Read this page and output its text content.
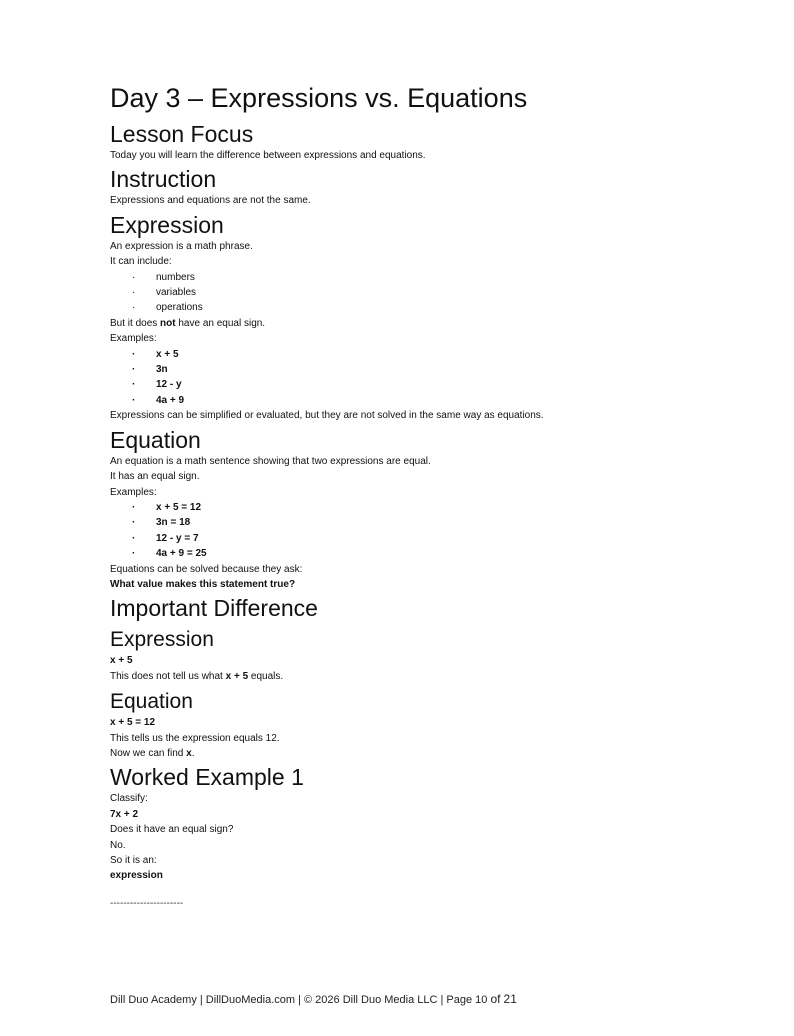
Day 3 – Expressions vs. Equations
Lesson Focus

Today you will learn the difference between expressions and equations.

Instruction

Expressions and equations are not the same.

Expression

An expression is a math phrase.

It can include:

·	numbers

·	variables

·	operations

But it does not have an equal sign.

Examples:

·	x + 5

·	3n

·	12 - y

·	4a + 9

Expressions can be simplified or evaluated, but they are not solved in the same way as equations.

Equation

An equation is a math sentence showing that two expressions are equal.

It has an equal sign.

Examples:

·	x + 5 = 12

·	3n = 18

·	12 - y = 7

·	4a + 9 = 25

Equations can be solved because they ask:

What value makes this statement true?

Important Difference
Expression

x + 5

This does not tell us what x + 5 equals.

Equation

x + 5 = 12

This tells us the expression equals 12.

Now we can find x.

Worked Example 1

Classify:

7x + 2

Does it have an equal sign?

No.

So it is an:

expression

----------------------
Dill Duo Academy | DillDuoMedia.com | © 2026 Dill Duo Media LLC | Page 10 of 21
